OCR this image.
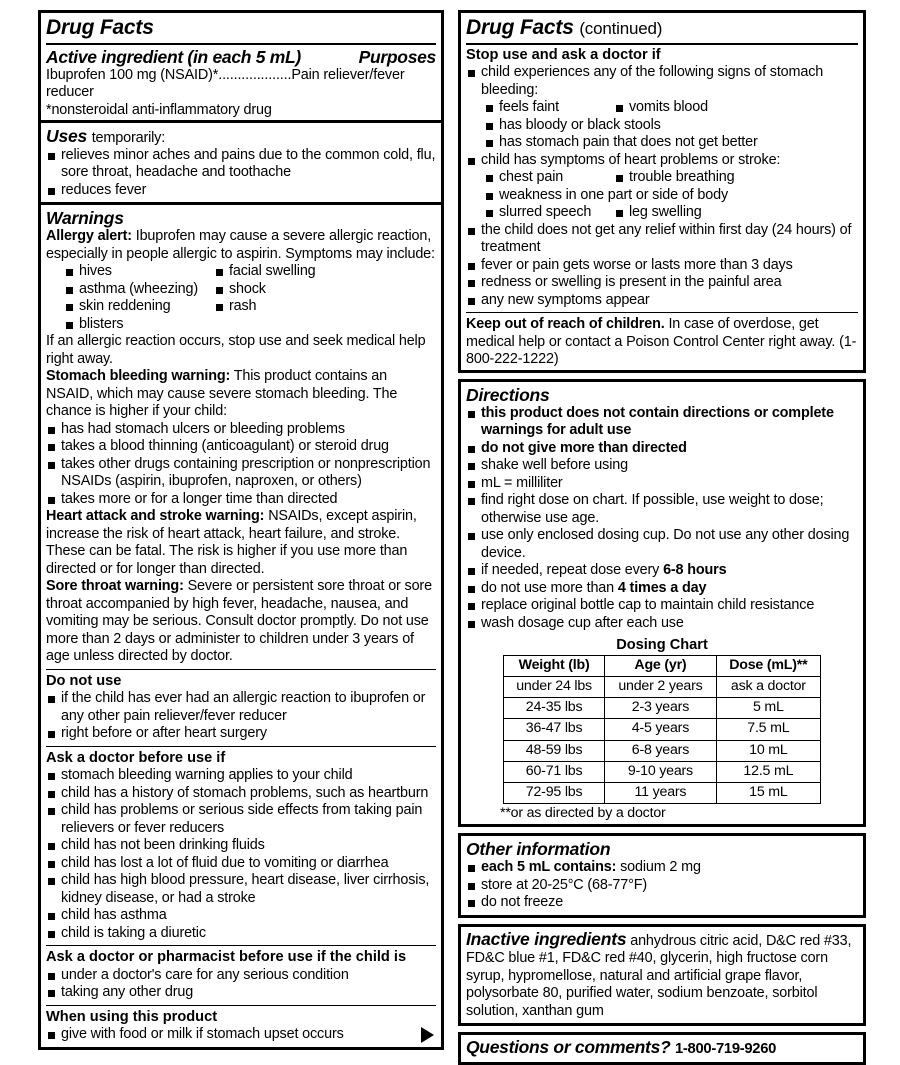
Drug Facts
Active ingredient (in each 5 mL)	Purposes

Ibuprofen 100 mg (NSAID)*...................Pain reliever/fever reducer

*nonsteroidal anti-inflammatory drug

Uses temporarily:
relieves minor aches and pains due to the common cold, flu, sore throat, headache and toothache
reduces fever
Warnings

Allergy alert: Ibuprofen may cause a severe allergic reaction, especially in people allergic to aspirin. Symptoms may include:

hives
asthma (wheezing)
skin reddening
blisters
facial swelling
shock
rash

If an allergic reaction occurs, stop use and seek medical help right away.

Stomach bleeding warning: This product contains an NSAID, which may cause severe stomach bleeding. The chance is higher if your child:

has had stomach ulcers or bleeding problems
takes a blood thinning (anticoagulant) or steroid drug
takes other drugs containing prescription or nonprescription NSAIDs (aspirin, ibuprofen, naproxen, or others)
takes more or for a longer time than directed

Heart attack and stroke warning: NSAIDs, except aspirin, increase the risk of heart attack, heart failure, and stroke. These can be fatal. The risk is higher if you use more than directed or for longer than directed.

Sore throat warning: Severe or persistent sore throat or sore throat accompanied by high fever, headache, nausea, and vomiting may be serious. Consult doctor promptly. Do not use more than 2 days or administer to children under 3 years of age unless directed by doctor.

Do not use
if the child has ever had an allergic reaction to ibuprofen or any other pain reliever/fever reducer
right before or after heart surgery
Ask a doctor before use if
stomach bleeding warning applies to your child
child has a history of stomach problems, such as heartburn
child has problems or serious side effects from taking pain relievers or fever reducers
child has not been drinking fluids
child has lost a lot of fluid due to vomiting or diarrhea
child has high blood pressure, heart disease, liver cirrhosis, kidney disease, or had a stroke
child has asthma
child is taking a diuretic
Ask a doctor or pharmacist before use if the child is
under a doctor's care for any serious condition
taking any other drug
When using this product
give with food or milk if stomach upset occurs
Drug Facts (continued)
Stop use and ask a doctor if
child experiences any of the following signs of stomach bleeding:
feels faint	vomits blood
has bloody or black stools
has stomach pain that does not get better
child has symptoms of heart problems or stroke:
chest pain	trouble breathing
weakness in one part or side of body
slurred speech	leg swelling
the child does not get any relief within first day (24 hours) of treatment
fever or pain gets worse or lasts more than 3 days
redness or swelling is present in the painful area
any new symptoms appear

Keep out of reach of children. In case of overdose, get medical help or contact a Poison Control Center right away. (1-800-222-1222)

Directions
this product does not contain directions or complete warnings for adult use
do not give more than directed
shake well before using
mL = milliliter
find right dose on chart. If possible, use weight to dose; otherwise use age.
use only enclosed dosing cup. Do not use any other dosing device.
if needed, repeat dose every 6-8 hours
do not use more than 4 times a day
replace original bottle cap to maintain child resistance
wash dosage cup after each use
Dosing Chart
Weight (lb)	Age (yr)	Dose (mL)**
under 24 lbs	under 2 years	ask a doctor
24-35 lbs	2-3 years	5 mL
36-47 lbs	4-5 years	7.5 mL
48-59 lbs	6-8 years	10 mL
60-71 lbs	9-10 years	12.5 mL
72-95 lbs	11 years	15 mL
**or as directed by a doctor
Other information
each 5 mL contains: sodium 2 mg
store at 20-25°C (68-77°F)
do not freeze

Inactive ingredients anhydrous citric acid, D&C red #33, FD&C blue #1, FD&C red #40, glycerin, high fructose corn syrup, hypromellose, natural and artificial grape flavor, polysorbate 80, purified water, sodium benzoate, sorbitol solution, xanthan gum

Questions or comments? 1-800-719-9260
